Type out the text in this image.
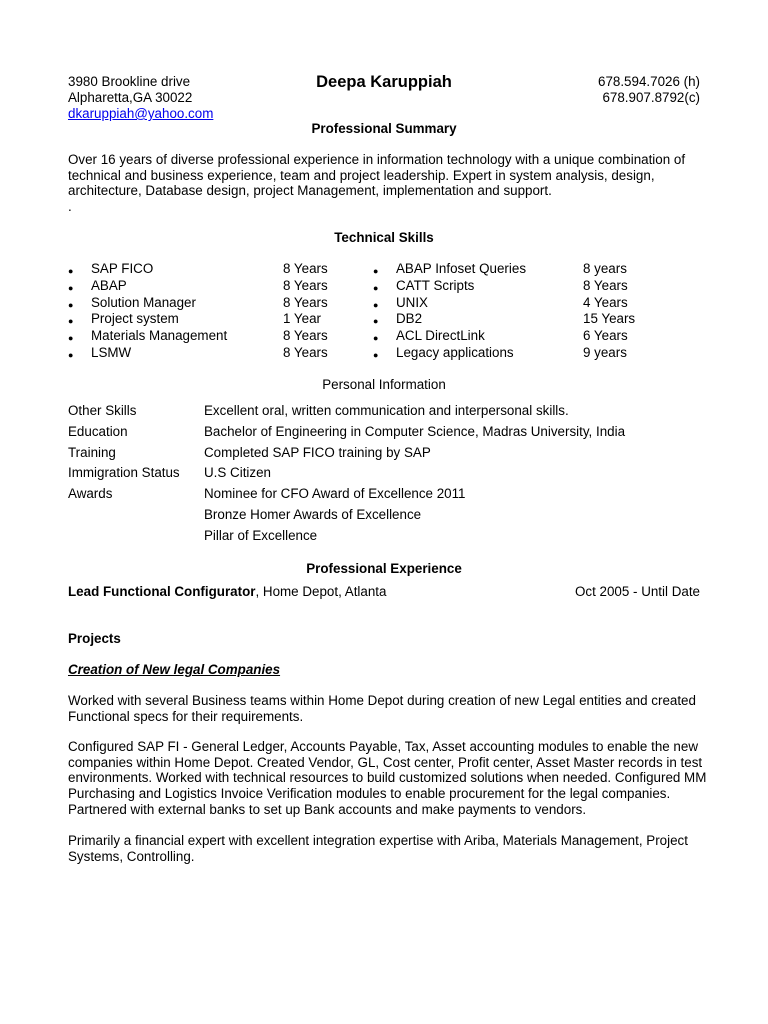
3980 Brookline drive
Alpharetta,GA 30022
dkaruppiah@yahoo.com
Deepa Karuppiah	678.594.7026 (h)
678.907.8792(c)
Professional Summary
Over 16 years of diverse professional experience in information technology with a unique combination of technical and business experience, team and project leadership. Expert in system analysis, design, architecture, Database design, project Management, implementation and support.
.
Technical Skills
● SAP FICO	8 Years
● ABAP	8 Years
● Solution Manager	8 Years
● Project system	1 Year
● Materials Management	8 Years
● LSMW	8 Years
● ABAP Infoset Queries	8 years
● CATT Scripts	8 Years
● UNIX	4 Years
● DB2	15 Years
● ACL DirectLink	6 Years
● Legacy applications	9 years
Personal Information
Other Skills	Excellent oral, written communication and interpersonal skills.
Education	Bachelor of Engineering in Computer Science, Madras University, India
Training	Completed SAP FICO training by SAP
Immigration Status U.S Citizen
Awards	Nominee for CFO Award of Excellence 2011
Bronze Homer Awards of Excellence
Pillar of Excellence
Professional Experience
Lead Functional Configurator, Home Depot, Atlanta	Oct 2005 - Until Date
Projects
Creation of New legal Companies
Worked with several Business teams within Home Depot during creation of new Legal entities and created Functional specs for their requirements.
Configured SAP FI - General Ledger, Accounts Payable, Tax, Asset accounting modules to enable the new companies within Home Depot. Created Vendor, GL, Cost center, Profit center, Asset Master records in test environments. Worked with technical resources to build customized solutions when needed. Configured MM Purchasing and Logistics Invoice Verification modules to enable procurement for the legal companies. Partnered with external banks to set up Bank accounts and make payments to vendors.
Primarily a financial expert with excellent integration expertise with Ariba, Materials Management, Project Systems, Controlling.
